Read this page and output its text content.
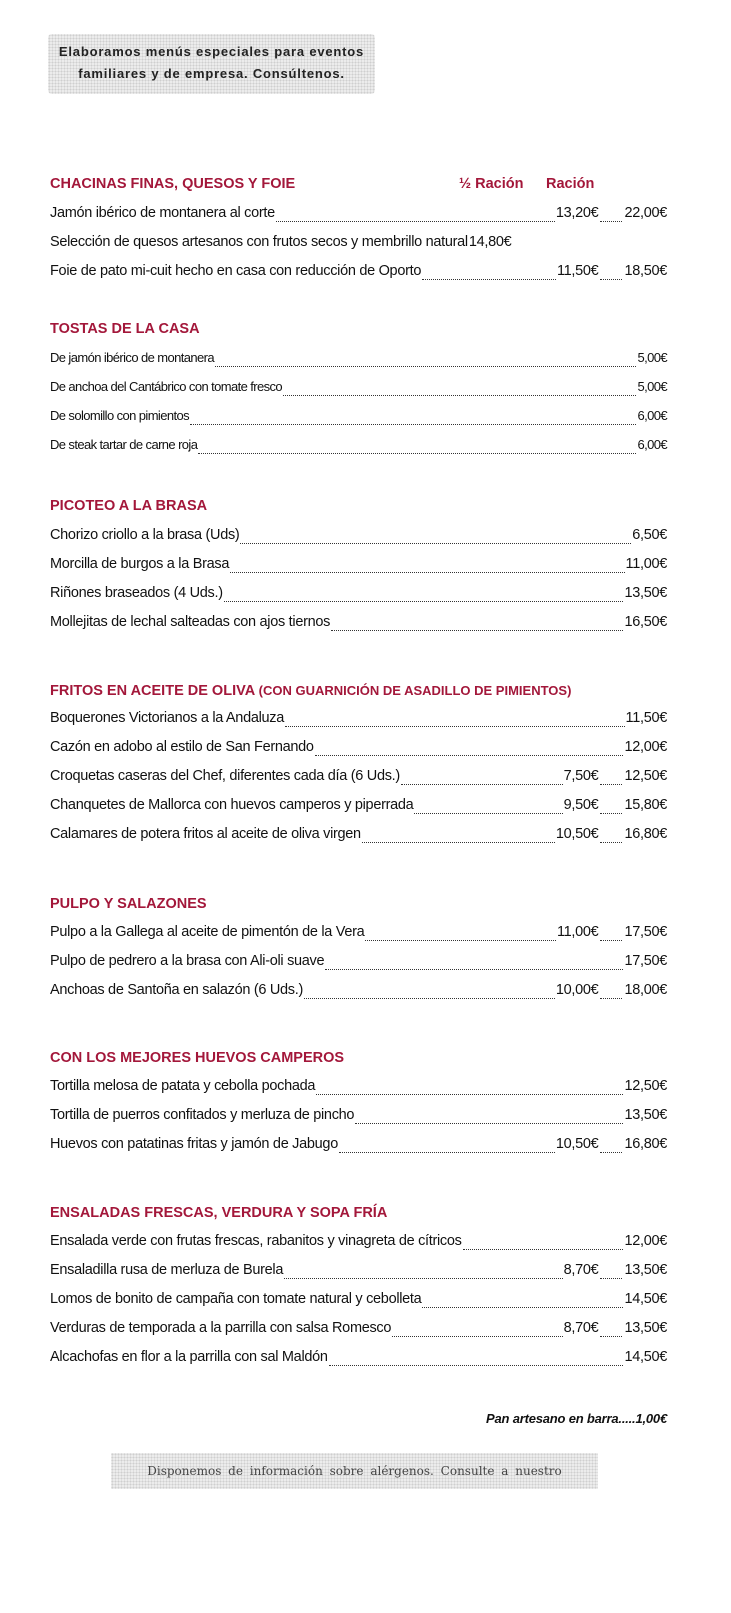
Elaboramos menús especiales para eventos
familiares y de empresa. Consúltenos.
½ Ración Ración
CHACINAS FINAS, QUESOS Y FOIE
Jamón ibérico de montanera al corte	13,20€ 22,00€
Selección de quesos artesanos con frutos secos y membrillo natural 14,80€
Foie de pato mi-cuit hecho en casa con reducción de Oporto	11,50€ 18,50€
TOSTAS DE LA CASA
De jamón ibérico de montanera	5,00€
De anchoa del Cantábrico con tomate fresco	5,00€
De solomillo con pimientos	6,00€
De steak tartar de carne roja	6,00€
PICOTEO A LA BRASA
Chorizo criollo a la brasa (Uds)	6,50€
Morcilla de burgos a la Brasa	11,00€
Riñones braseados (4 Uds.)	13,50€
Mollejitas de lechal salteadas con ajos tiernos	16,50€
FRITOS EN ACEITE DE OLIVA (CON GUARNICIÓN DE ASADILLO DE PIMIENTOS)
Boquerones Victorianos a la Andaluza	11,50€
Cazón en adobo al estilo de San Fernando	12,00€
Croquetas caseras del Chef, diferentes cada día (6 Uds.)	7,50€ 12,50€
Chanquetes de Mallorca con huevos camperos y piperrada	9,50€ 15,80€
Calamares de potera fritos al aceite de oliva virgen	10,50€ 16,80€
PULPO Y SALAZONES
Pulpo a la Gallega al aceite de pimentón de la Vera	11,00€ 17,50€
Pulpo de pedrero a la brasa con Ali-oli suave	17,50€
Anchoas de Santoña en salazón (6 Uds.)	10,00€ 18,00€
CON LOS MEJORES HUEVOS CAMPEROS
Tortilla melosa de patata y cebolla pochada	12,50€
Tortilla de puerros confitados y merluza de pincho	13,50€
Huevos con patatinas fritas y jamón de Jabugo	10,50€ 16,80€
ENSALADAS FRESCAS, VERDURA Y SOPA FRÍA
Ensalada verde con frutas frescas, rabanitos y vinagreta de cítricos	12,00€
Ensaladilla rusa de merluza de Burela	8,70€ 13,50€
Lomos de bonito de campaña con tomate natural y cebolleta	14,50€
Verduras de temporada a la parrilla con salsa Romesco	8,70€ 13,50€
Alcachofas en flor a la parrilla con sal Maldón	14,50€
Pan artesano en barra.....1,00€
Disponemos de información sobre alérgenos. Consulte a nuestro
